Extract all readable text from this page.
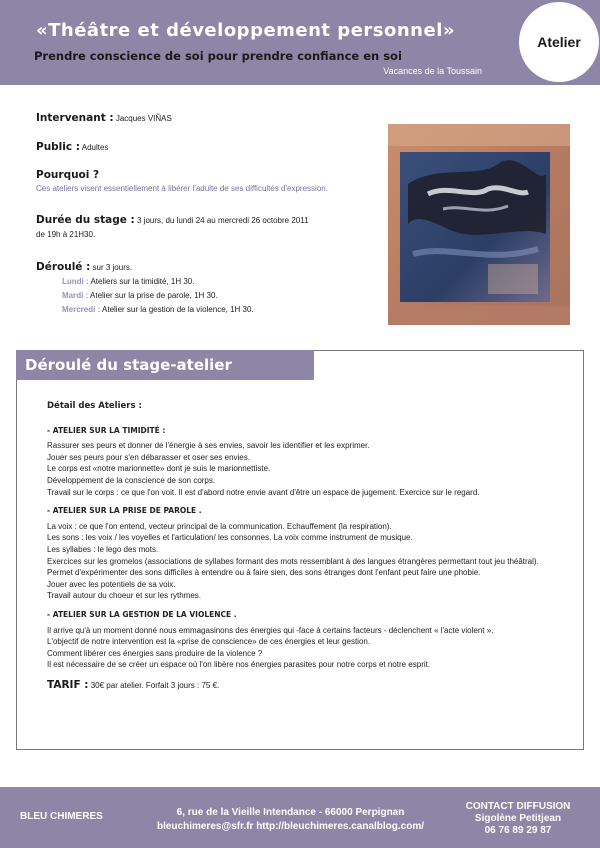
«Théâtre et développement personnel»
Prendre conscience de soi pour prendre confiance en soi
Vacances de la Toussain
Atelier
Intervenant : Jacques VIÑAS
Public : Adultes
Pourquoi ?
Ces ateliers visent essentiellement à libérer l'adulte de ses difficultés d'expression.
Durée du stage : 3 jours, du lundi 24 au mercredi 26 octobre 2011
de 19h à 21H30.
Déroulé : sur 3 jours.
Lundi : Ateliers sur la timidité, 1H 30.
Mardi : Atelier sur la prise de parole, 1H 30.
Mercredi : Atelier sur la gestion de la violence, 1H 30.
Déroulé du stage-atelier
Détail des Ateliers :
- ATELIER SUR LA TIMIDITÉ :

Rassurer ses peurs et donner de l'énergie à ses envies, savoir les identifier et les exprimer.

Jouer ses peurs pour s'en débarasser et oser ses envies.

Le corps est «notre marionnette» dont je suis le marionnettiste.

Développement de la conscience de son corps.

Travail sur le corps : ce que l'on voit. Il est d'abord notre envie avant d'être un espace de jugement. Exercice sur le regard.

- ATELIER SUR LA PRISE DE PAROLE .

La voix : ce que l'on entend, vecteur principal de la communication. Echauffement (la respiration).

Les sons : les voix / les voyelles et l'articulation/ les consonnes. La voix comme instrument de musique.

Les syllabes : le lego des mots.

Exercices sur les gromelos (associations de syllabes formant des mots ressemblant à des langues étrangères permettant tout jeu théâtral).

Permet d'expérimenter des sons difficiles à entendre ou à faire sien, des sons étranges dont l'enfant peut faire une phobie.

Jouer avec les potentiels de sa voix.

Travail autour du choeur et sur les rythmes.

- ATELIER SUR LA GESTION DE LA VIOLENCE .

Il arrive qu'à un moment donné nous emmagasinons des énergies qui -face à certains facteurs - déclenchent « l'acte violent ».

L'objectif de notre intervention est la «prise de conscience» de ces énergies et leur gestion.

Comment libérer ces énergies sans produire de la violence ?

Il est nécessaire de se créer un espace où l'on libère nos énergies parasites pour notre corps et notre esprit.

TARIF : 30€ par atelier. Forfait 3 jours : 75 €.
BLEU CHIMERES	6, rue de la Vieille Intendance - 66000 Perpignan
bleuchimeres@sfr.fr http://bleuchimeres.canalblog.com/
CONTACT DIFFUSION
Sigolène Petitjean
06 76 89 29 87
